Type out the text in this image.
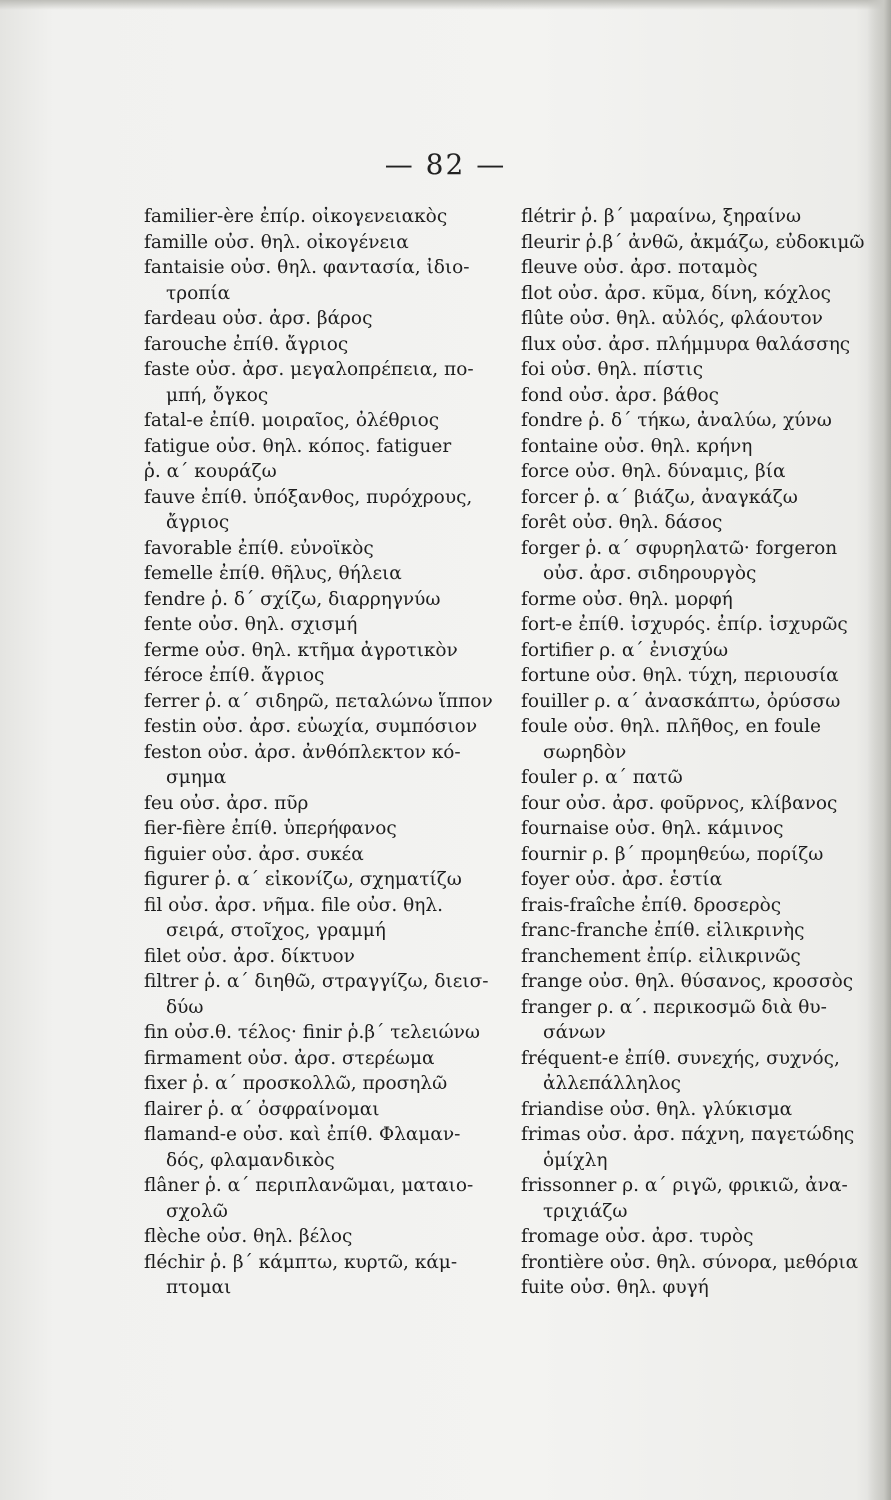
— 82 —
familier-ère ἐπίρ. οἰκογενειακὸς
famille οὐσ. θηλ. οἰκογένεια
fantaisie οὐσ. θηλ. φαντασία, ἰδιο-
τροπία
fardeau οὐσ. ἀρσ. βάρος
farouche ἐπίθ. ἄγριος
faste οὐσ. ἀρσ. μεγαλοπρέπεια, πο-
μπή, ὄγκος
fatal-e ἐπίθ. μοιραῖος, ὀλέθριος
fatigue οὐσ. θηλ. κόπος. fatiguer
ῥ. α΄ κουράζω
fauve ἐπίθ. ὑπόξανθος, πυρόχρους,
ἄγριος
favorable ἐπίθ. εὐνοϊκὸς
femelle ἐπίθ. θῆλυς, θήλεια
fendre ῥ. δ΄ σχίζω, διαρρηγνύω
fente οὐσ. θηλ. σχισμή
ferme οὐσ. θηλ. κτῆμα ἀγροτικὸν
féroce ἐπίθ. ἄγριος
ferrer ῥ. α΄ σιδηρῶ, πεταλώνω ἵππον
festin οὐσ. ἀρσ. εὐωχία, συμπόσιον
feston οὐσ. ἀρσ. ἀνθόπλεκτον κό-
σμημα
feu οὐσ. ἀρσ. πῦρ
fier-fière ἐπίθ. ὑπερήφανος
figuier οὐσ. ἀρσ. συκέα
figurer ῥ. α΄ εἰκονίζω, σχηματίζω
fil οὐσ. ἀρσ. νῆμα. file οὐσ. θηλ.
σειρά, στοῖχος, γραμμή
filet οὐσ. ἀρσ. δίκτυον
filtrer ῥ. α΄ διηθῶ, στραγγίζω, διεισ-
δύω
fin οὐσ.θ. τέλος· finir ῥ.β΄ τελειώνω
firmament οὐσ. ἀρσ. στερέωμα
fixer ῥ. α΄ προσκολλῶ, προσηλῶ
flairer ῥ. α΄ ὀσφραίνομαι
flamand-e οὐσ. καὶ ἐπίθ. Φλαμαν-
δός, φλαμανδικὸς
flâner ῥ. α΄ περιπλανῶμαι, ματαιο-
σχολῶ
flèche οὐσ. θηλ. βέλος
fléchir ῥ. β΄ κάμπτω, κυρτῶ, κάμ-
πτομαι
flétrir ῥ. β΄ μαραίνω, ξηραίνω
fleurir ῥ.β΄ ἀνθῶ, ἀκμάζω, εὐδοκιμῶ
fleuve οὐσ. ἀρσ. ποταμὸς
flot οὐσ. ἀρσ. κῦμα, δίνη, κόχλος
flûte οὐσ. θηλ. αὐλός, φλάουτον
flux οὐσ. ἀρσ. πλήμμυρα θαλάσσης
foi οὐσ. θηλ. πίστις
fond οὐσ. ἀρσ. βάθος
fondre ῥ. δ΄ τήκω, ἀναλύω, χύνω
fontaine οὐσ. θηλ. κρήνη
force οὐσ. θηλ. δύναμις, βία
forcer ῥ. α΄ βιάζω, ἀναγκάζω
forêt οὐσ. θηλ. δάσος
forger ῥ. α΄ σφυρηλατῶ· forgeron
οὐσ. ἀρσ. σιδηρουργὸς
forme οὐσ. θηλ. μορφή
fort-e ἐπίθ. ἰσχυρός. ἐπίρ. ἰσχυρῶς
fortifier ρ. α΄ ἐνισχύω
fortune οὐσ. θηλ. τύχη, περιουσία
fouiller ρ. α΄ ἀνασκάπτω, ὀρύσσω
foule οὐσ. θηλ. πλῆθος, en foule
σωρηδὸν
fouler ρ. α΄ πατῶ
four οὐσ. ἀρσ. φοῦρνος, κλίβανος
fournaise οὐσ. θηλ. κάμινος
fournir ρ. β΄ προμηθεύω, πορίζω
foyer οὐσ. ἀρσ. ἑστία
frais-fraîche ἐπίθ. δροσερὸς
franc-franche ἐπίθ. εἰλικρινὴς
franchement ἐπίρ. εἰλικρινῶς
frange οὐσ. θηλ. θύσανος, κροσσὸς
franger ρ. α΄. περικοσμῶ διὰ θυ-
σάνων
fréquent-e ἐπίθ. συνεχής, συχνός,
ἀλλεπάλληλος
friandise οὐσ. θηλ. γλύκισμα
frimas οὐσ. ἀρσ. πάχνη, παγετώδης
ὁμίχλη
frissonner ρ. α΄ ριγῶ, φρικιῶ, ἀνα-
τριχιάζω
fromage οὐσ. ἀρσ. τυρὸς
frontière οὐσ. θηλ. σύνορα, μεθόρια
fuite οὐσ. θηλ. φυγή
